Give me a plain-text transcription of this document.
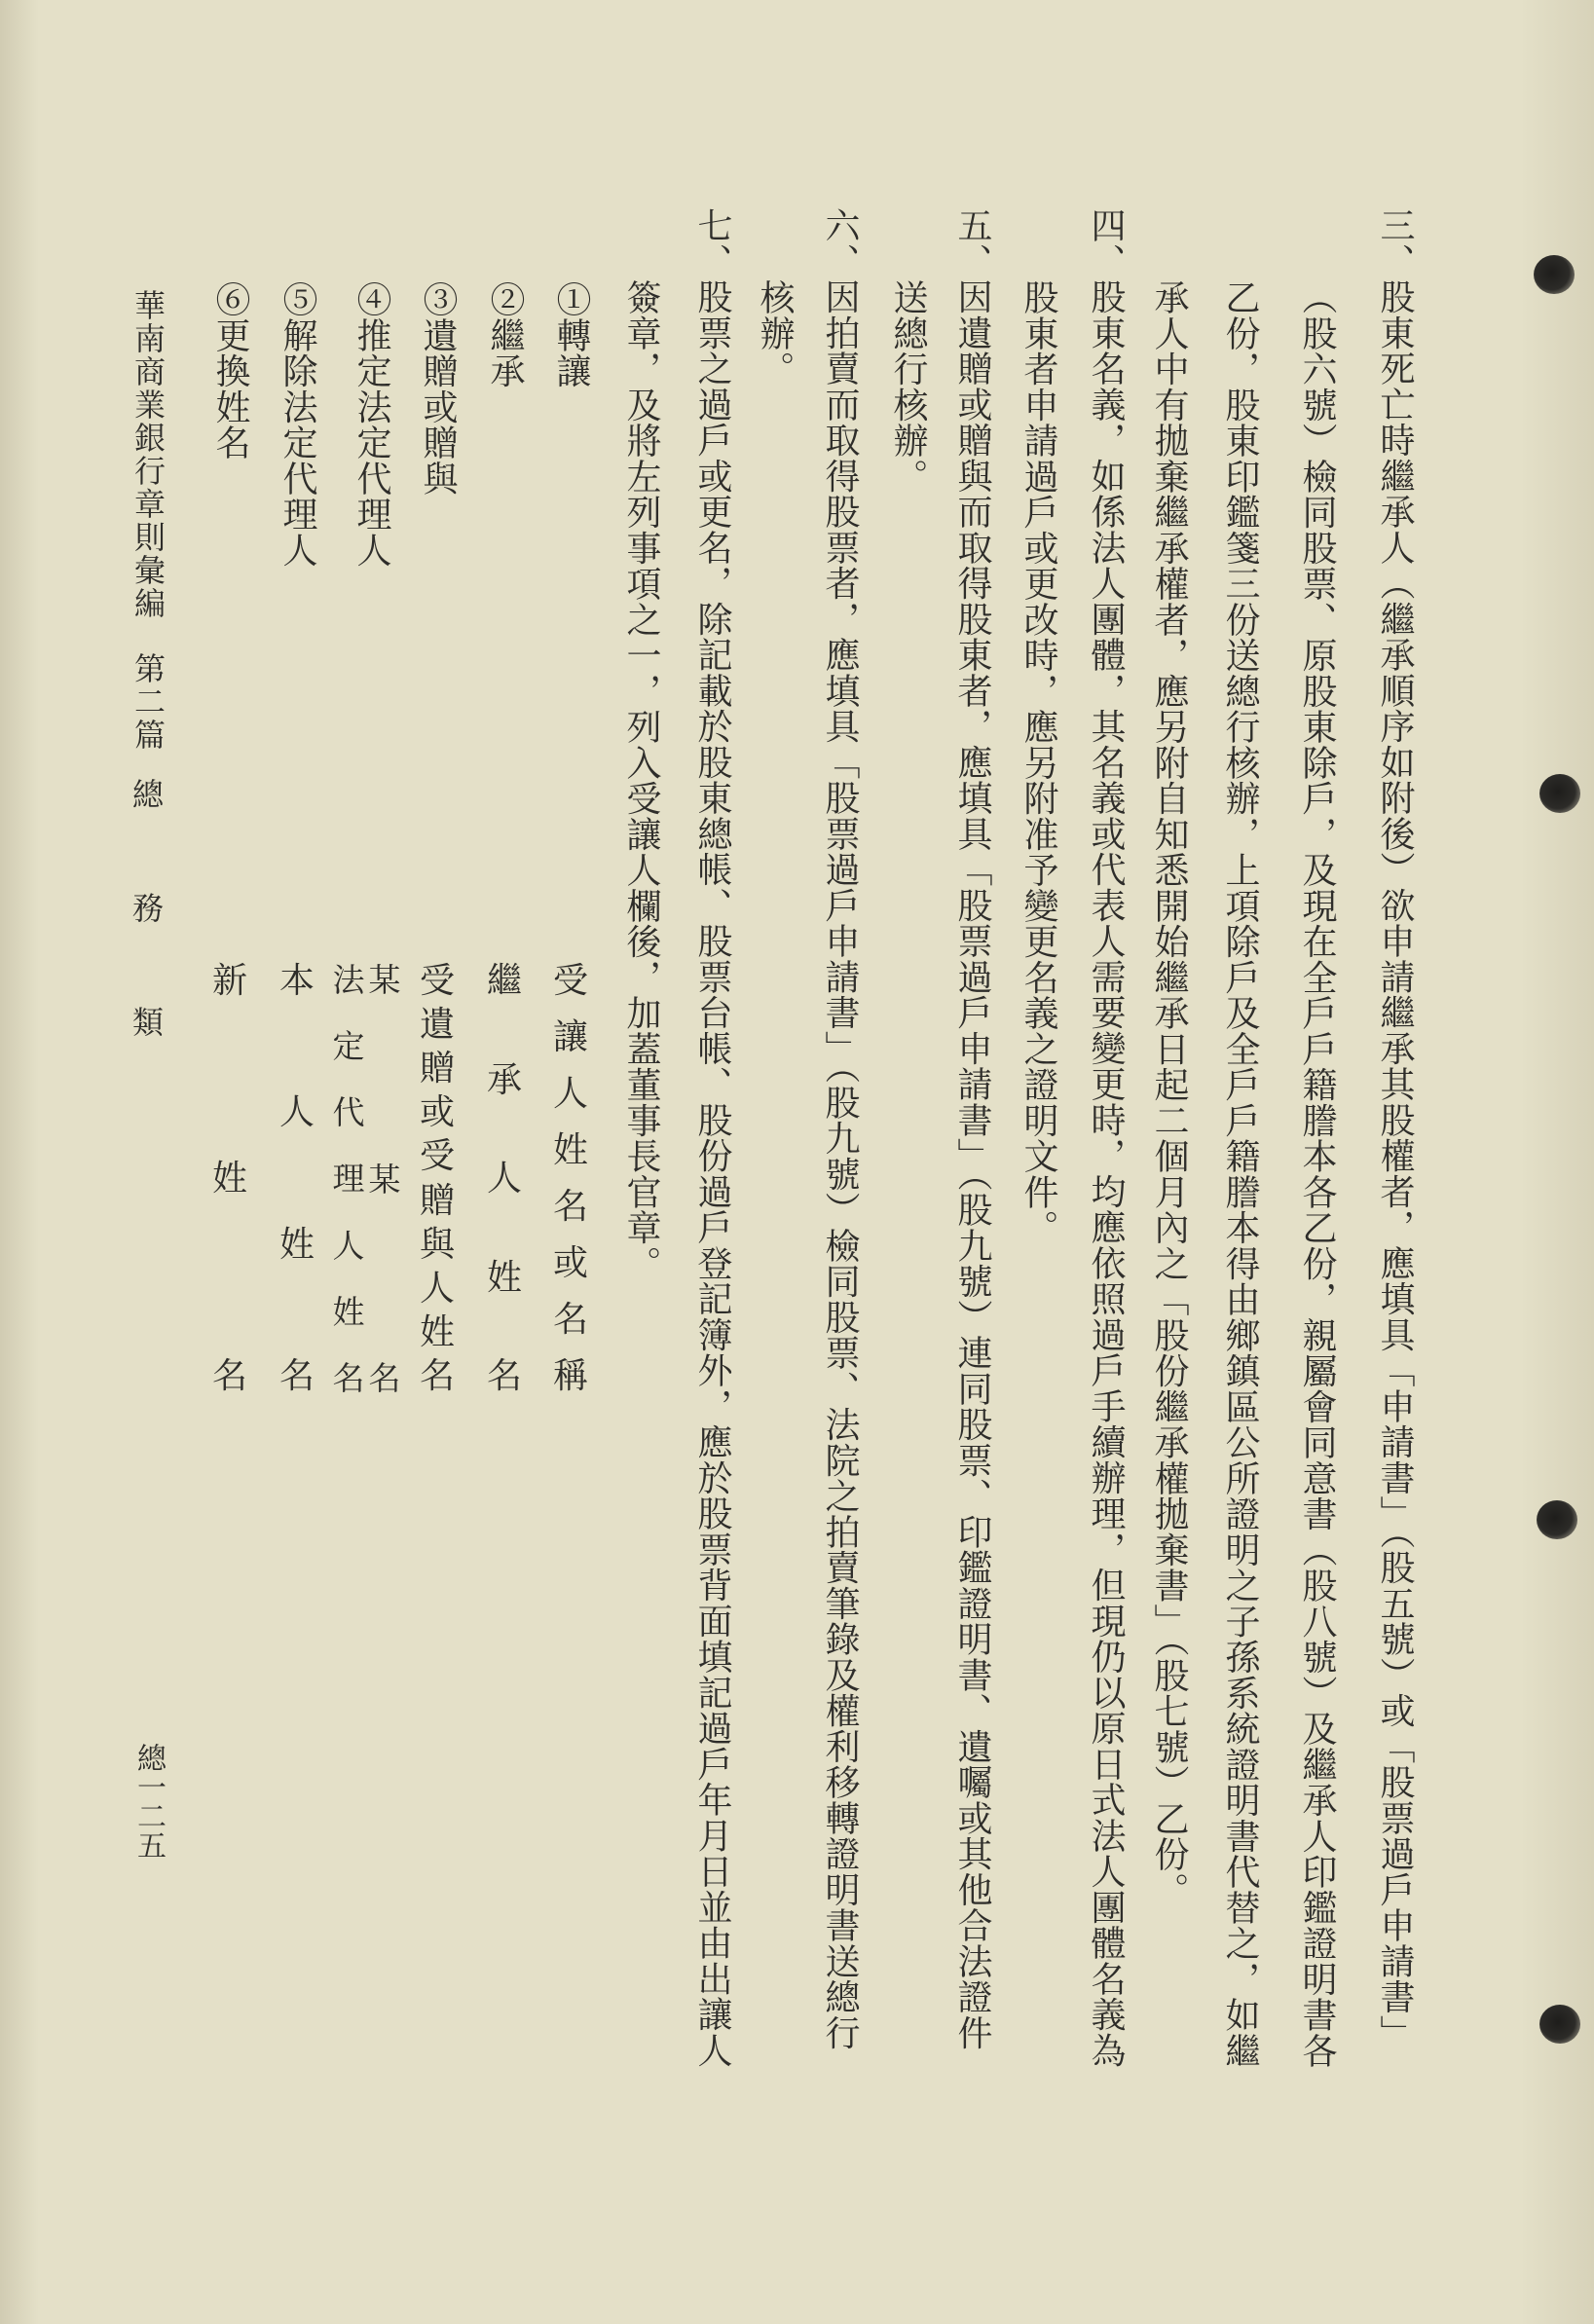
三、股東死亡時繼承人（繼承順序如附後）欲申請繼承其股權者，應填具「申請書」（股五號）或「股票過戶申請書」

（股六號）檢同股票、原股東除戶，及現在全戶戶籍謄本各乙份，親屬會同意書（股八號）及繼承人印鑑證明書各

乙份，股東印鑑箋三份送總行核辦，上項除戶及全戶戶籍謄本得由鄉鎮區公所證明之子孫系統證明書代替之，如繼

承人中有拋棄繼承權者，應另附自知悉開始繼承日起二個月內之「股份繼承權拋棄書」（股七號）乙份。

四、股東名義，如係法人團體，其名義或代表人需要變更時，均應依照過戶手續辦理，但現仍以原日式法人團體名義為

股東者申請過戶或更改時，應另附准予變更名義之證明文件。

五、因遺贈或贈與而取得股東者，應填具「股票過戶申請書」（股九號）連同股票、印鑑證明書、遺囑或其他合法證件

送總行核辦。

六、因拍賣而取得股票者，應填具「股票過戶申請書」（股九號）檢同股票、法院之拍賣筆錄及權利移轉證明書送總行

核辦。

七、股票之過戶或更名，除記載於股東總帳、股票台帳、股份過戶登記簿外，應於股票背面填記過戶年月日並由出讓人

簽章，及將左列事項之一，列入受讓人欄後，加蓋董事長官章。

①轉讓

受
讓
人
姓
名
或
名
稱

②繼承

繼
承
人
姓
名

③遺贈或贈與

受
遺
贈
或
受
贈
與
人
姓
名

④推定法定代理人

某
某
名
法
定
代
理
人
姓
名

⑤解除法定代理人

本
人
姓
名

⑥更換姓名

新
姓
名

華南商業銀行章則彙編

第二篇

總
務
類

總一二五
